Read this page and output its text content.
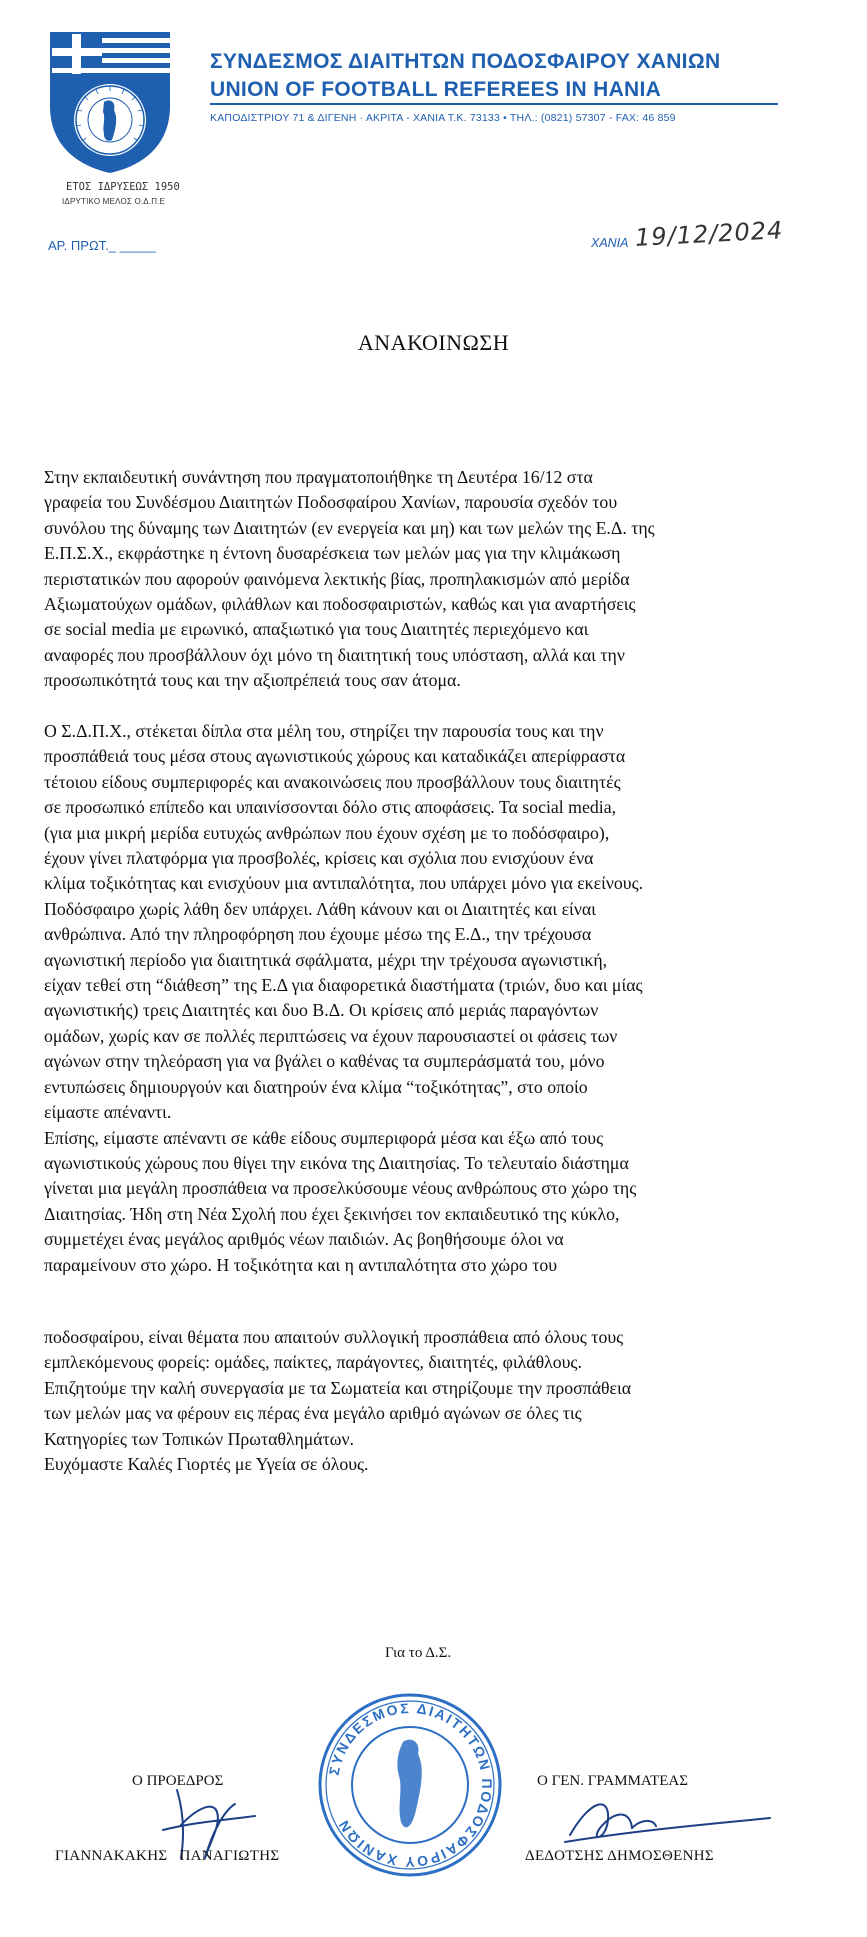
ΣΥΝΔΕΣΜΟΣ ΔΙΑΙΤΗΤΩΝ ΠΟΔΟΣΦΑΙΡΟΥ ΧΑΝΙΩΝ
UNION OF FOOTBALL REFEREES IN HANIA
ΚΑΠΟΔΙΣΤΡΙΟΥ 71 & ΔΙΓΕΝΗ · ΑΚΡΙΤΑ - ΧΑΝΙΑ Τ.Κ. 73133 • ΤΗΛ.: (0821) 57307 - FAX: 46 859
ΕΤΟΣ ΙΔΡΥΣΕΩΣ 1950
ΙΔΡΥΤΙΚΟ ΜΕΛΟΣ Ο.Δ.Π.Ε
ΑΡ. ΠΡΩΤ._ _____	ΧΑΝΙΑ 19/12/2024
ΑΝΑΚΟΙΝΩΣΗ
Στην εκπαιδευτική συνάντηση που πραγματοποιήθηκε τη Δευτέρα 16/12 στα
γραφεία του Συνδέσμου Διαιτητών Ποδοσφαίρου Χανίων, παρουσία σχεδόν του
συνόλου της δύναμης των Διαιτητών (εν ενεργεία και μη) και των μελών της Ε.Δ. της
Ε.Π.Σ.Χ., εκφράστηκε η έντονη δυσαρέσκεια των μελών μας για την κλιμάκωση
περιστατικών που αφορούν φαινόμενα λεκτικής βίας, προπηλακισμών από μερίδα
Αξιωματούχων ομάδων, φιλάθλων και ποδοσφαιριστών, καθώς και για αναρτήσεις
σε social media με ειρωνικό, απαξιωτικό για τους Διαιτητές περιεχόμενο και
αναφορές που προσβάλλουν όχι μόνο τη διαιτητική τους υπόσταση, αλλά και την
προσωπικότητά τους και την αξιοπρέπειά τους σαν άτομα.
Ο Σ.Δ.Π.Χ., στέκεται δίπλα στα μέλη του, στηρίζει την παρουσία τους και την
προσπάθειά τους μέσα στους αγωνιστικούς χώρους και καταδικάζει απερίφραστα
τέτοιου είδους συμπεριφορές και ανακοινώσεις που προσβάλλουν τους διαιτητές
σε προσωπικό επίπεδο και υπαινίσσονται δόλο στις αποφάσεις. Τα social media,
(για μια μικρή μερίδα ευτυχώς ανθρώπων που έχουν σχέση με το ποδόσφαιρο),
έχουν γίνει πλατφόρμα για προσβολές, κρίσεις και σχόλια που ενισχύουν ένα
κλίμα τοξικότητας και ενισχύουν μια αντιπαλότητα, που υπάρχει μόνο για εκείνους.
Ποδόσφαιρο χωρίς λάθη δεν υπάρχει. Λάθη κάνουν και οι Διαιτητές και είναι
ανθρώπινα. Από την πληροφόρηση που έχουμε μέσω της Ε.Δ., την τρέχουσα
αγωνιστική περίοδο για διαιτητικά σφάλματα, μέχρι την τρέχουσα αγωνιστική,
είχαν τεθεί στη “διάθεση” της Ε.Δ για διαφορετικά διαστήματα (τριών, δυο και μίας
αγωνιστικής) τρεις Διαιτητές και δυο Β.Δ. Οι κρίσεις από μεριάς παραγόντων
ομάδων, χωρίς καν σε πολλές περιπτώσεις να έχουν παρουσιαστεί οι φάσεις των
αγώνων στην τηλεόραση για να βγάλει ο καθένας τα συμπεράσματά του, μόνο
εντυπώσεις δημιουργούν και διατηρούν ένα κλίμα “τοξικότητας”, στο οποίο
είμαστε απέναντι.
Επίσης, είμαστε απέναντι σε κάθε είδους συμπεριφορά μέσα και έξω από τους
αγωνιστικούς χώρους που θίγει την εικόνα της Διαιτησίας. Το τελευταίο διάστημα
γίνεται μια μεγάλη προσπάθεια να προσελκύσουμε νέους ανθρώπους στο χώρο της
Διαιτησίας. Ήδη στη Νέα Σχολή που έχει ξεκινήσει τον εκπαιδευτικό της κύκλο,
συμμετέχει ένας μεγάλος αριθμός νέων παιδιών. Ας βοηθήσουμε όλοι να
παραμείνουν στο χώρο. Η τοξικότητα και η αντιπαλότητα στο χώρο του
ποδοσφαίρου, είναι θέματα που απαιτούν συλλογική προσπάθεια από όλους τους
εμπλεκόμενους φορείς: ομάδες, παίκτες, παράγοντες, διαιτητές, φιλάθλους.
Επιζητούμε την καλή συνεργασία με τα Σωματεία και στηρίζουμε την προσπάθεια
των μελών μας να φέρουν εις πέρας ένα μεγάλο αριθμό αγώνων σε όλες τις
Κατηγορίες των Τοπικών Πρωταθλημάτων.
Ευχόμαστε Καλές Γιορτές με Υγεία σε όλους.
Για το Δ.Σ.
Ο ΠΡΟΕΔΡΟΣ	Ο ΓΕΝ. ΓΡΑΜΜΑΤΕΑΣ
ΣΥΝΔΕΣΜΟΣ ΔΙΑΙΤΗΤΩΝ ΠΟΔΟΣΦΑΙΡΟΥ ΧΑΝΙΩΝ
ΓΙΑΝΝΑΚΑΚΗΣ   ΠΑΝΑΓΙΩΤΗΣ	ΔΕΔΟΤΣΗΣ ΔΗΜΟΣΘΕΝΗΣ
